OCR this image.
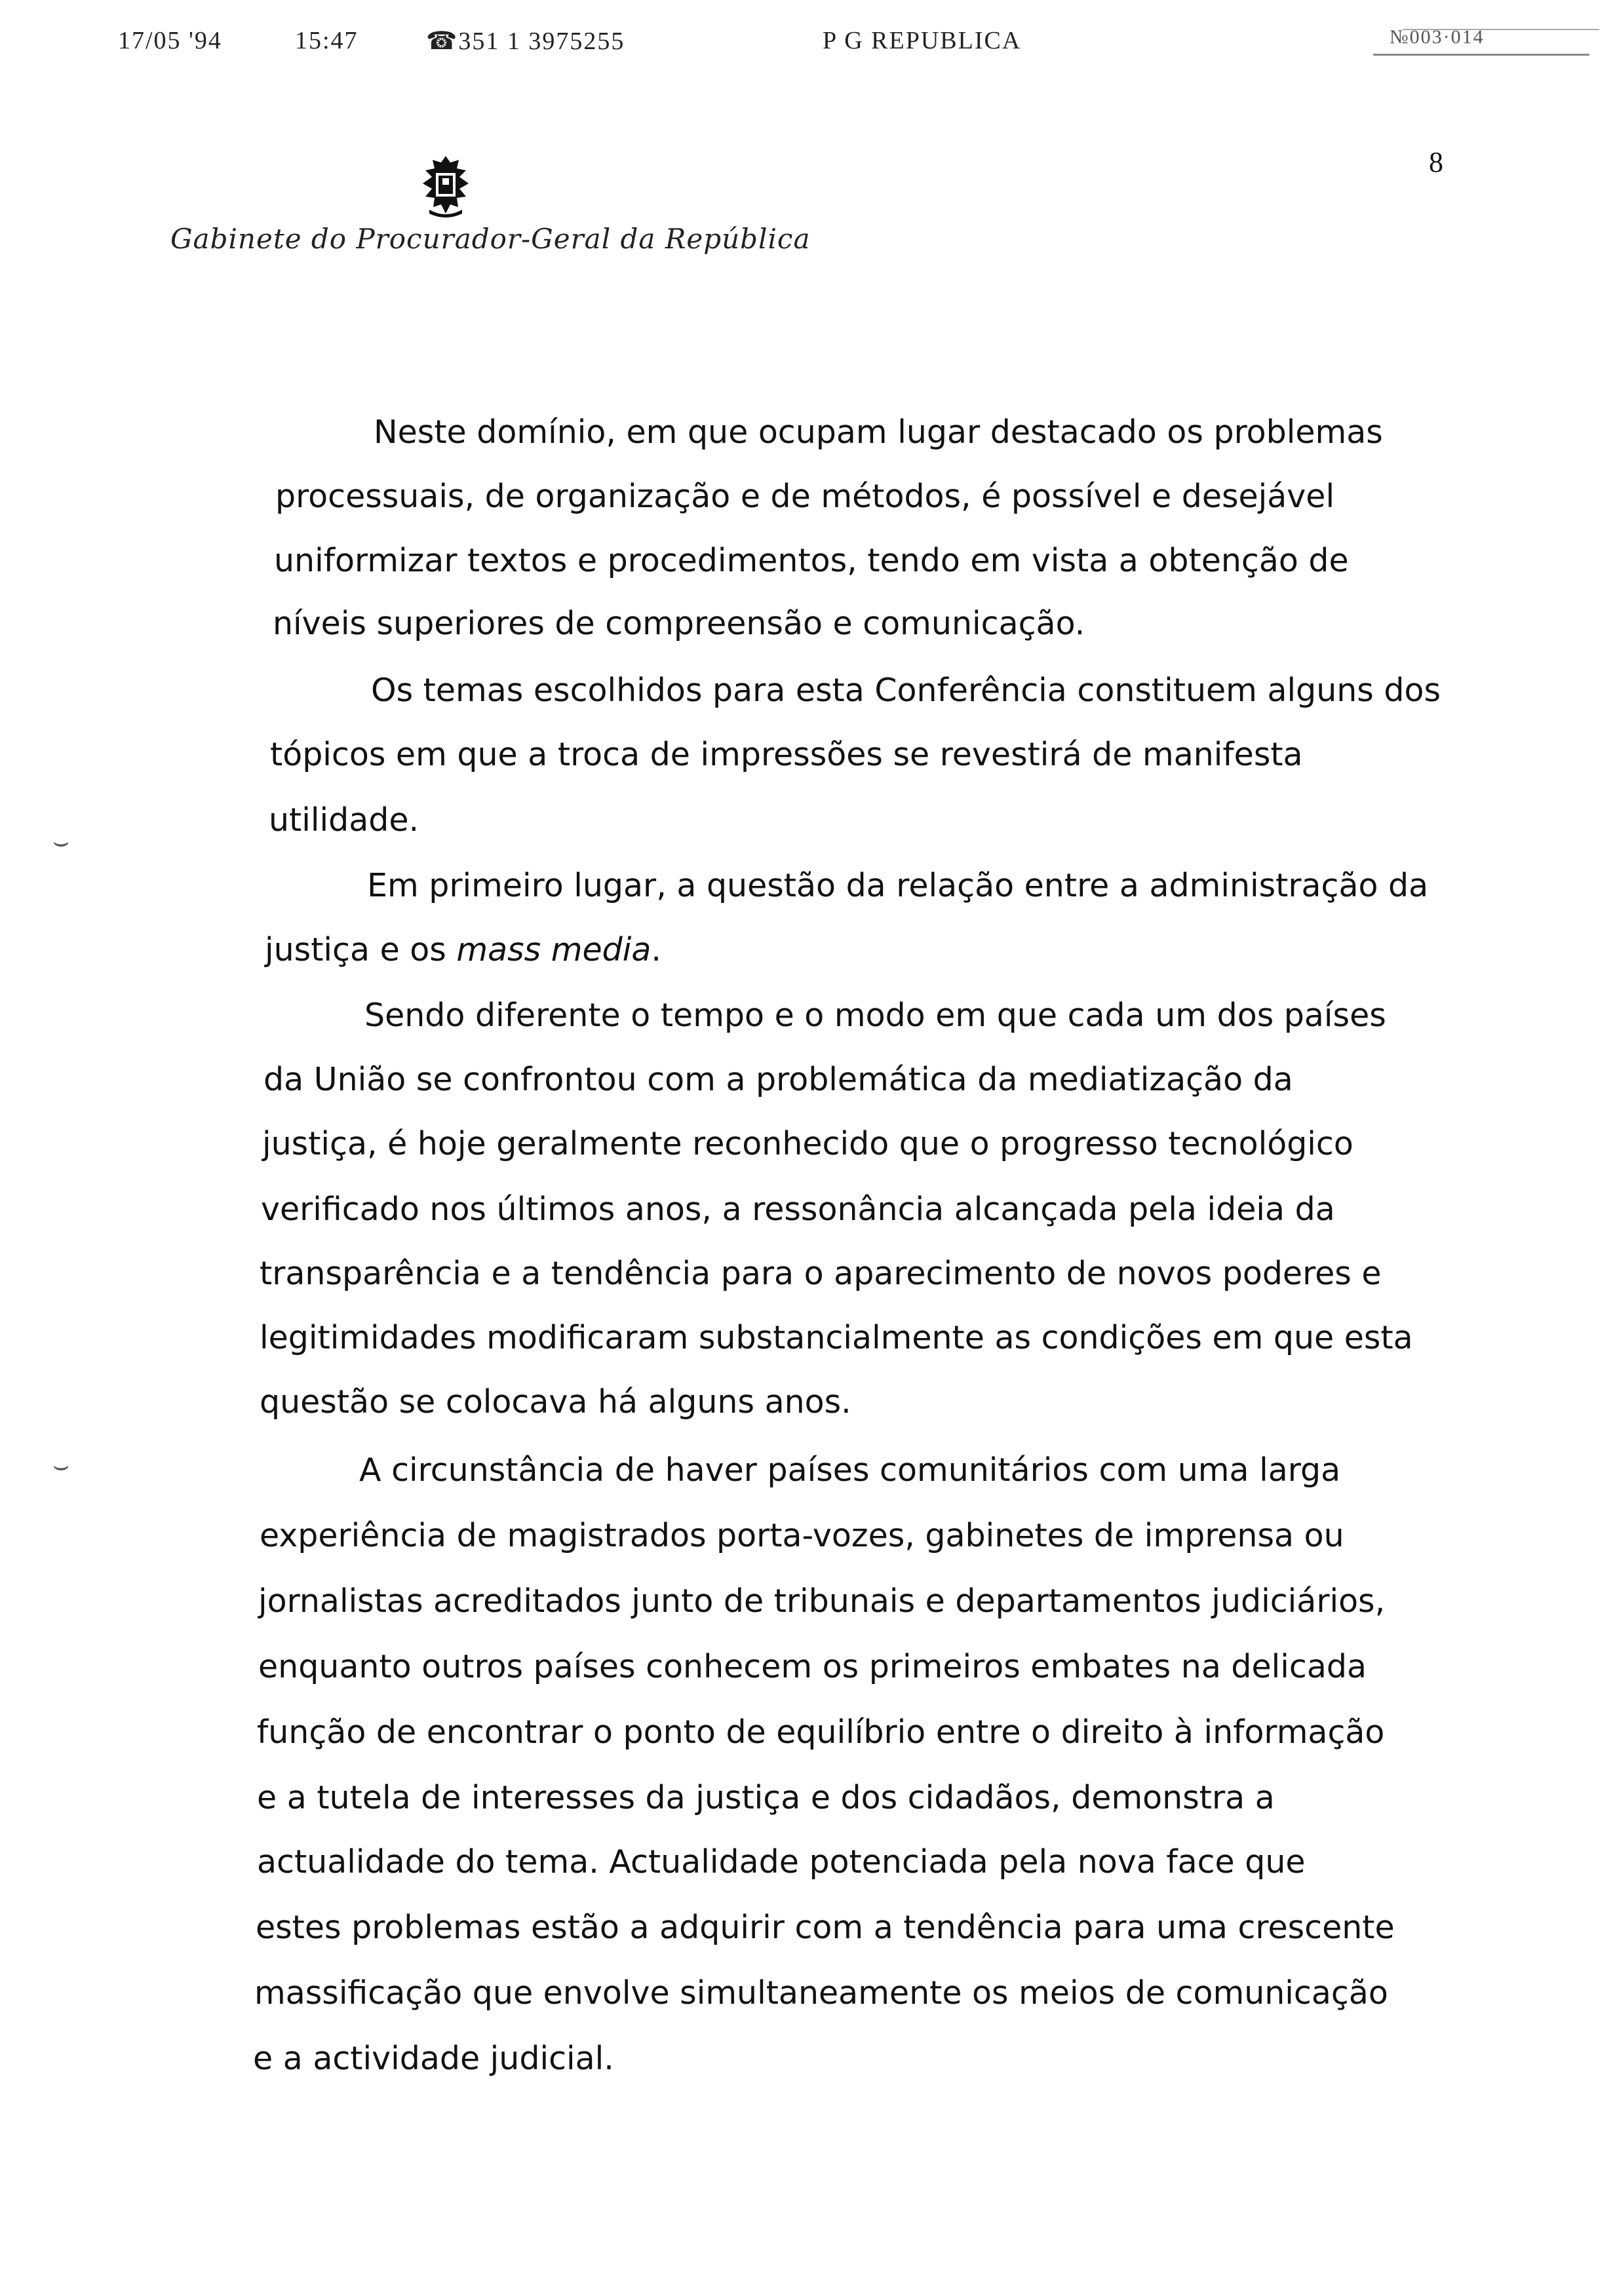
17/05 '94	15:47	☎351 1 3975255	P G REPUBLICA	№003·014
8
Gabinete do Procurador-Geral da República
Neste domínio, em que ocupam lugar destacado os problemas
processuais, de organização e de métodos, é possível e desejável
uniformizar textos e procedimentos, tendo em vista a obtenção de
níveis superiores de compreensão e comunicação.
Os temas escolhidos para esta Conferência constituem alguns dos
tópicos em que a troca de impressões se revestirá de manifesta
utilidade.
Em primeiro lugar, a questão da relação entre a administração da
justiça e os mass media.
Sendo diferente o tempo e o modo em que cada um dos países
da União se confrontou com a problemática da mediatização da
justiça, é hoje geralmente reconhecido que o progresso tecnológico
verificado nos últimos anos, a ressonância alcançada pela ideia da
transparência e a tendência para o aparecimento de novos poderes e
legitimidades modificaram substancialmente as condições em que esta
questão se colocava há alguns anos.
A circunstância de haver países comunitários com uma larga
experiência de magistrados porta-vozes, gabinetes de imprensa ou
jornalistas acreditados junto de tribunais e departamentos judiciários,
enquanto outros países conhecem os primeiros embates na delicada
função de encontrar o ponto de equilíbrio entre o direito à informação
e a tutela de interesses da justiça e dos cidadãos, demonstra a
actualidade do tema. Actualidade potenciada pela nova face que
estes problemas estão a adquirir com a tendência para uma crescente
massificação que envolve simultaneamente os meios de comunicação
e a actividade judicial.
⌣
⌣
